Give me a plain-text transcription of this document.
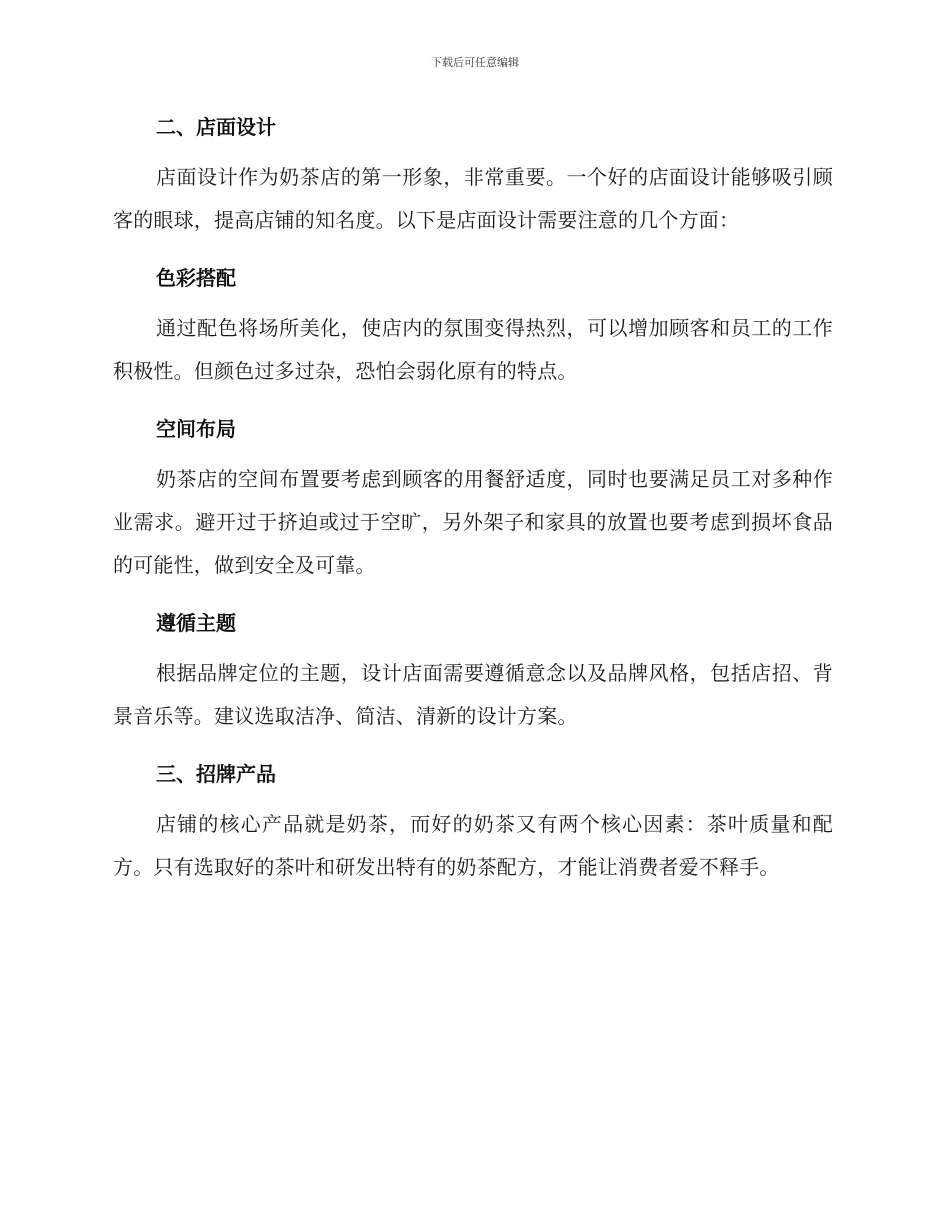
下载后可任意编辑
二、店面设计

店面设计作为奶茶店的第一形象，非常重要。一个好的店面设计能够吸引顾客的眼球，提高店铺的知名度。以下是店面设计需要注意的几个方面：

色彩搭配

通过配色将场所美化，使店内的氛围变得热烈，可以增加顾客和员工的工作积极性。但颜色过多过杂，恐怕会弱化原有的特点。

空间布局

奶茶店的空间布置要考虑到顾客的用餐舒适度，同时也要满足员工对多种作业需求。避开过于挤迫或过于空旷，另外架子和家具的放置也要考虑到损坏食品的可能性，做到安全及可靠。

遵循主题

根据品牌定位的主题，设计店面需要遵循意念以及品牌风格，包括店招、背景音乐等。建议选取洁净、简洁、清新的设计方案。

三、招牌产品

店铺的核心产品就是奶茶，而好的奶茶又有两个核心因素：茶叶质量和配方。只有选取好的茶叶和研发出特有的奶茶配方，才能让消费者爱不释手。
